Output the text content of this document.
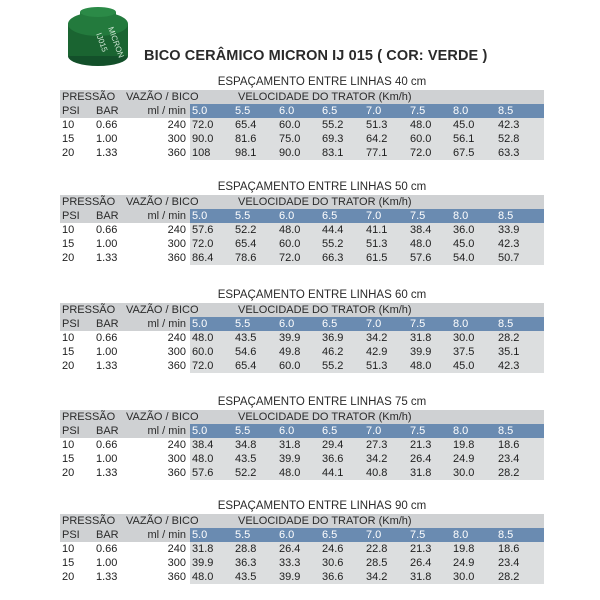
MICRON
IJ015
BICO CERÂMICO MICRON IJ 015 ( COR: VERDE )
ESPAÇAMENTO ENTRE LINHAS 40 cm
PRESSÃO VAZÃO / BICO	VELOCIDADE DO TRATOR (Km/h)
PSI BAR	ml / min 5.0	5.5	6.0	6.5	7.0	7.5	8.0	8.5
10 0.66	240 72.0 65.4 60.0 55.2 51.3 48.0 45.0 42.3
15 1.00	300 90.0 81.6 75.0 69.3 64.2 60.0 56.1 52.8
20 1.33	360 108 98.1 90.0 83.1 77.1 72.0 67.5 63.3
ESPAÇAMENTO ENTRE LINHAS 50 cm
PRESSÃO VAZÃO / BICO	VELOCIDADE DO TRATOR (Km/h)
PSI BAR	ml / min 5.0	5.5	6.0	6.5	7.0	7.5	8.0	8.5
10 0.66	240 57.6 52.2 48.0 44.4 41.1 38.4 36.0 33.9
15 1.00	300 72.0 65.4 60.0 55.2 51.3 48.0 45.0 42.3
20 1.33	360 86.4 78.6 72.0 66.3 61.5 57.6 54.0 50.7
ESPAÇAMENTO ENTRE LINHAS 60 cm
PRESSÃO VAZÃO / BICO	VELOCIDADE DO TRATOR (Km/h)
PSI BAR	ml / min 5.0	5.5	6.0	6.5	7.0	7.5	8.0	8.5
10 0.66	240 48.0 43.5 39.9 36.9 34.2 31.8 30.0 28.2
15 1.00	300 60.0 54.6 49.8 46.2 42.9 39.9 37.5 35.1
20 1.33	360 72.0 65.4 60.0 55.2 51.3 48.0 45.0 42.3
ESPAÇAMENTO ENTRE LINHAS 75 cm
PRESSÃO VAZÃO / BICO	VELOCIDADE DO TRATOR (Km/h)
PSI BAR	ml / min 5.0	5.5	6.0	6.5	7.0	7.5	8.0	8.5
10 0.66	240 38.4 34.8 31.8 29.4 27.3 21.3 19.8 18.6
15 1.00	300 48.0 43.5 39.9 36.6 34.2 26.4 24.9 23.4
20 1.33	360 57.6 52.2 48.0 44.1 40.8 31.8 30.0 28.2
ESPAÇAMENTO ENTRE LINHAS 90 cm
PRESSÃO VAZÃO / BICO	VELOCIDADE DO TRATOR (Km/h)
PSI BAR	ml / min 5.0	5.5	6.0	6.5	7.0	7.5	8.0	8.5
10 0.66	240 31.8 28.8 26.4 24.6 22.8 21.3 19.8 18.6
15 1.00	300 39.9 36.3 33.3 30.6 28.5 26.4 24.9 23.4
20 1.33	360 48.0 43.5 39.9 36.6 34.2 31.8 30.0 28.2
